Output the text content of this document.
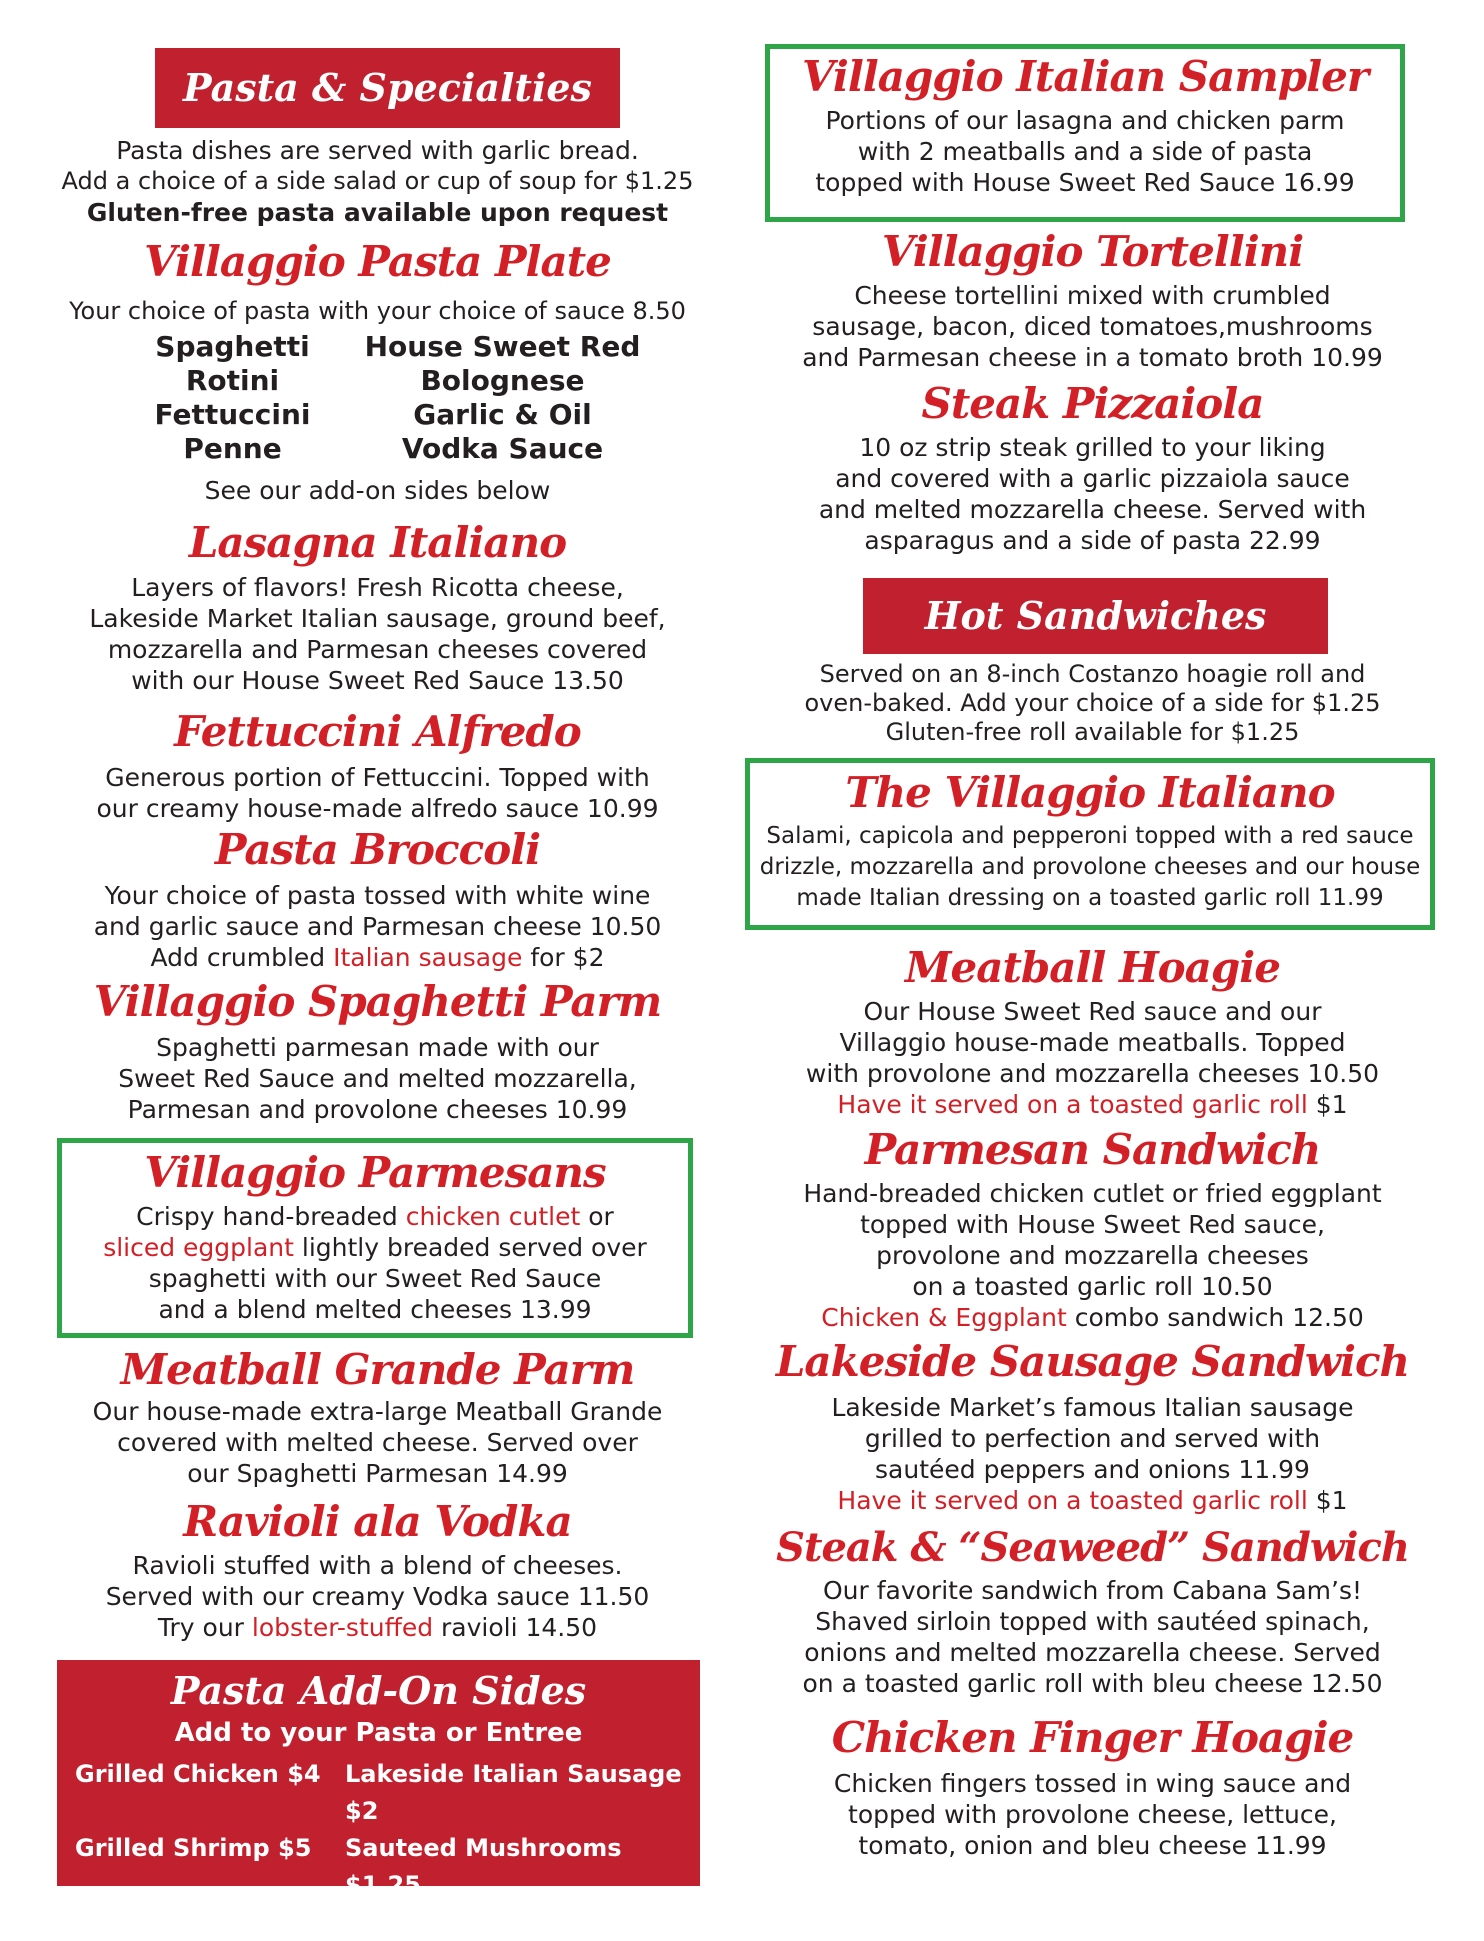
Pasta & Specialties
Pasta dishes are served with garlic bread.
Add a choice of a side salad or cup of soup for $1.25
Gluten-free pasta available upon request
Villaggio Pasta Plate
Your choice of pasta with your choice of sauce 8.50
Spaghetti
Rotini
Fettuccini
Penne
House Sweet Red
Bolognese
Garlic & Oil
Vodka Sauce
See our add-on sides below
Lasagna Italiano
Layers of flavors! Fresh Ricotta cheese,
Lakeside Market Italian sausage, ground beef,
mozzarella and Parmesan cheeses covered
with our House Sweet Red Sauce 13.50
Fettuccini Alfredo
Generous portion of Fettuccini. Topped with
our creamy house-made alfredo sauce 10.99
Pasta Broccoli
Your choice of pasta tossed with white wine
and garlic sauce and Parmesan cheese 10.50
Add crumbled Italian sausage for $2
Villaggio Spaghetti Parm
Spaghetti parmesan made with our
Sweet Red Sauce and melted mozzarella,
Parmesan and provolone cheeses 10.99
Villaggio Parmesans
Crispy hand-breaded chicken cutlet or
sliced eggplant lightly breaded served over
spaghetti with our Sweet Red Sauce
and a blend melted cheeses 13.99
Meatball Grande Parm
Our house-made extra-large Meatball Grande
covered with melted cheese. Served over
our Spaghetti Parmesan 14.99
Ravioli ala Vodka
Ravioli stuffed with a blend of cheeses.
Served with our creamy Vodka sauce 11.50
Try our lobster-stuffed ravioli 14.50
Pasta Add-On Sides
Add to your Pasta or Entree
Grilled Chicken $4	Lakeside Italian Sausage $2
Grilled Shrimp $5	Sauteed Mushrooms $1.25
Meatball $1 each	Sauteed Broccoli $1.25
Villaggio Italian Sampler
Portions of our lasagna and chicken parm
with 2 meatballs and a side of pasta
topped with House Sweet Red Sauce 16.99
Villaggio Tortellini
Cheese tortellini mixed with crumbled
sausage, bacon, diced tomatoes,mushrooms
and Parmesan cheese in a tomato broth 10.99
Steak Pizzaiola
10 oz strip steak grilled to your liking
and covered with a garlic pizzaiola sauce
and melted mozzarella cheese. Served with
asparagus and a side of pasta 22.99
Hot Sandwiches
Served on an 8-inch Costanzo hoagie roll and
oven-baked. Add your choice of a side for $1.25
Gluten-free roll available for $1.25
The Villaggio Italiano
Salami, capicola and pepperoni topped with a red sauce
drizzle, mozzarella and provolone cheeses and our house
made Italian dressing on a toasted garlic roll 11.99
Meatball Hoagie
Our House Sweet Red sauce and our
Villaggio house-made meatballs. Topped
with provolone and mozzarella cheeses 10.50
Have it served on a toasted garlic roll $1
Parmesan Sandwich
Hand-breaded chicken cutlet or fried eggplant
topped with House Sweet Red sauce,
provolone and mozzarella cheeses
on a toasted garlic roll 10.50
Chicken & Eggplant combo sandwich 12.50
Lakeside Sausage Sandwich
Lakeside Market’s famous Italian sausage
grilled to perfection and served with
sautéed peppers and onions 11.99
Have it served on a toasted garlic roll $1
Steak & “Seaweed” Sandwich
Our favorite sandwich from Cabana Sam’s!
Shaved sirloin topped with sautéed spinach,
onions and melted mozzarella cheese. Served
on a toasted garlic roll with bleu cheese 12.50
Chicken Finger Hoagie
Chicken fingers tossed in wing sauce and
topped with provolone cheese, lettuce,
tomato, onion and bleu cheese 11.99
